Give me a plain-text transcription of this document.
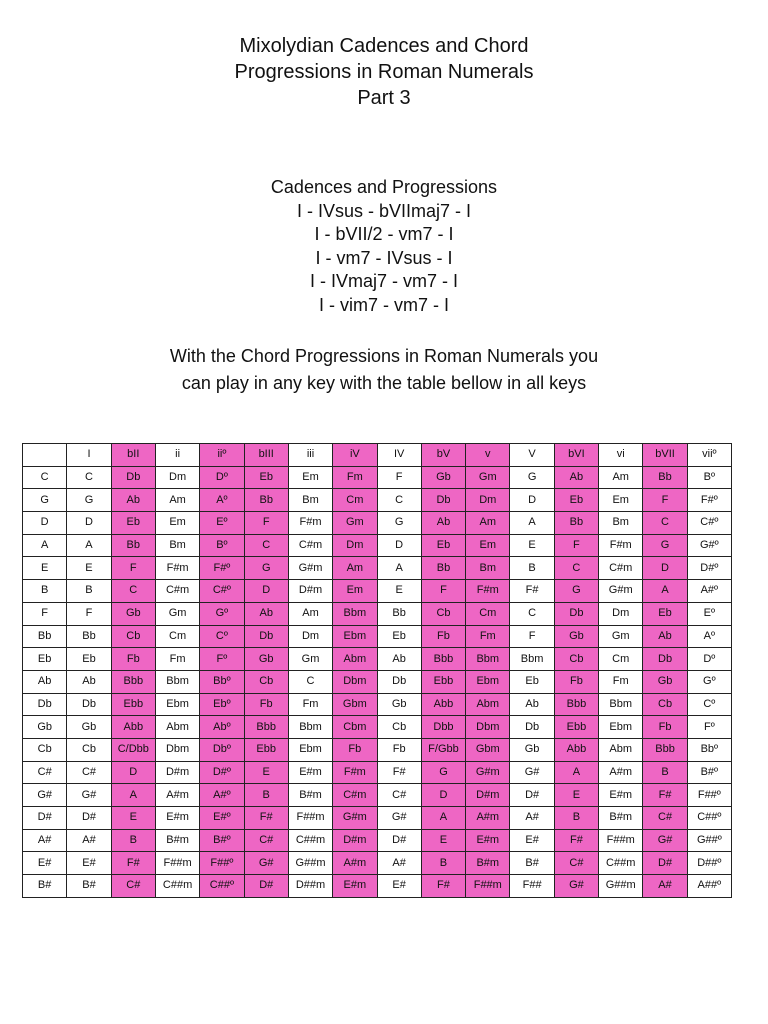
Mixolydian Cadences and Chord
Progressions in Roman Numerals
Part 3
Cadences and Progressions
I - IVsus - bVIImaj7 - I
I - bVII/2 - vm7 - I
I - vm7 - IVsus - I
I - IVmaj7 - vm7 - I
I - vim7 - vm7 - I

With the Chord Progressions in Roman Numerals you can play in any key with the table bellow in all keys

	I	bII	ii	iiº	bIII	iii	iV	IV	bV	v	V	bVI	vi	bVII	viiº
C	C	Db	Dm	Dº	Eb	Em	Fm	F	Gb	Gm	G	Ab	Am	Bb	Bº
G	G	Ab	Am	Aº	Bb	Bm	Cm	C	Db	Dm	D	Eb	Em	F	F#º
D	D	Eb	Em	Eº	F	F#m	Gm	G	Ab	Am	A	Bb	Bm	C	C#º
A	A	Bb	Bm	Bº	C	C#m	Dm	D	Eb	Em	E	F	F#m	G	G#º
E	E	F	F#m	F#º	G	G#m	Am	A	Bb	Bm	B	C	C#m	D	D#º
B	B	C	C#m	C#º	D	D#m	Em	E	F	F#m	F#	G	G#m	A	A#º
F	F	Gb	Gm	Gº	Ab	Am	Bbm	Bb	Cb	Cm	C	Db	Dm	Eb	Eº
Bb	Bb	Cb	Cm	Cº	Db	Dm	Ebm	Eb	Fb	Fm	F	Gb	Gm	Ab	Aº
Eb	Eb	Fb	Fm	Fº	Gb	Gm	Abm	Ab	Bbb	Bbm	Bbm	Cb	Cm	Db	Dº
Ab	Ab	Bbb	Bbm	Bbº	Cb	C	Dbm	Db	Ebb	Ebm	Eb	Fb	Fm	Gb	Gº
Db	Db	Ebb	Ebm	Ebº	Fb	Fm	Gbm	Gb	Abb	Abm	Ab	Bbb	Bbm	Cb	Cº
Gb	Gb	Abb	Abm	Abº	Bbb	Bbm	Cbm	Cb	Dbb	Dbm	Db	Ebb	Ebm	Fb	Fº
Cb	Cb	C/Dbb	Dbm	Dbº	Ebb	Ebm	Fb	Fb	F/Gbb	Gbm	Gb	Abb	Abm	Bbb	Bbº
C#	C#	D	D#m	D#º	E	E#m	F#m	F#	G	G#m	G#	A	A#m	B	B#º
G#	G#	A	A#m	A#º	B	B#m	C#m	C#	D	D#m	D#	E	E#m	F#	F##º
D#	D#	E	E#m	E#º	F#	F##m	G#m	G#	A	A#m	A#	B	B#m	C#	C##º
A#	A#	B	B#m	B#º	C#	C##m	D#m	D#	E	E#m	E#	F#	F##m	G#	G##º
E#	E#	F#	F##m	F##º	G#	G##m	A#m	A#	B	B#m	B#	C#	C##m	D#	D##º
B#	B#	C#	C##m	C##º	D#	D##m	E#m	E#	F#	F##m	F##	G#	G##m	A#	A##º
